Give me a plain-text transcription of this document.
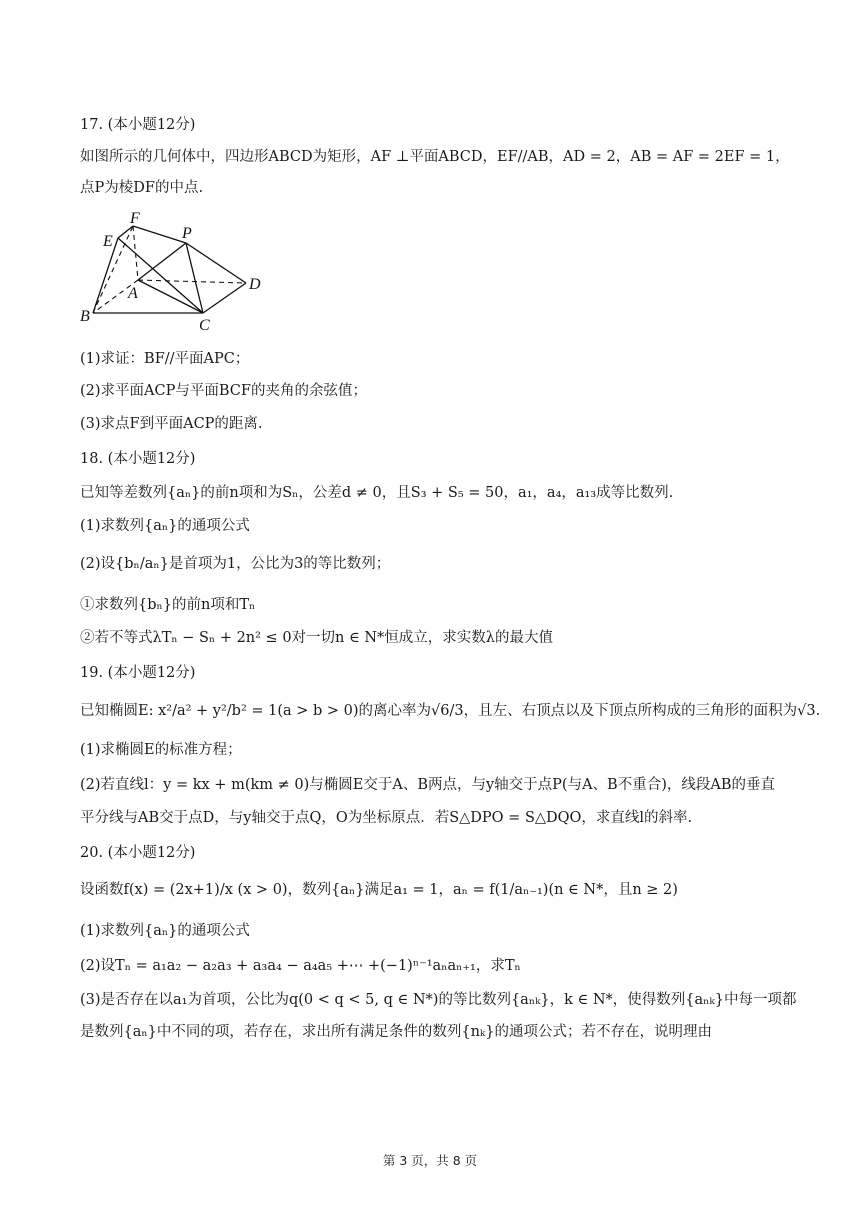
17. (本小题12分)
如图所示的几何体中，四边形ABCD为矩形，AF ⊥平面ABCD，EF//AB，AD = 2，AB = AF = 2EF = 1，
点P为棱DF的中点.
F
E	P
D
A
B
C
(1)求证：BF//平面APC；
(2)求平面ACP与平面BCF的夹角的余弦值；
(3)求点F到平面ACP的距离.
18. (本小题12分)
已知等差数列{aₙ}的前n项和为Sₙ，公差d ≠ 0，且S₃ + S₅ = 50，a₁，a₄，a₁₃成等比数列.
(1)求数列{aₙ}的通项公式
(2)设{bₙ/aₙ}是首项为1，公比为3的等比数列；
①求数列{bₙ}的前n项和Tₙ
②若不等式λTₙ − Sₙ + 2n² ≤ 0对一切n ∈ N*恒成立，求实数λ的最大值
19. (本小题12分)
已知椭圆E: x²/a² + y²/b² = 1(a > b > 0)的离心率为√6/3，且左、右顶点以及下顶点所构成的三角形的面积为√3.
(1)求椭圆E的标准方程；
(2)若直线l：y = kx + m(km ≠ 0)与椭圆E交于A、B两点，与y轴交于点P(与A、B不重合)，线段AB的垂直
平分线与AB交于点D，与y轴交于点Q，O为坐标原点．若S△DPO = S△DQO，求直线l的斜率.
20. (本小题12分)
设函数f(x) = (2x+1)/x (x > 0)，数列{aₙ}满足a₁ = 1，aₙ = f(1/aₙ₋₁)(n ∈ N*，且n ≥ 2)
(1)求数列{aₙ}的通项公式
(2)设Tₙ = a₁a₂ − a₂a₃ + a₃a₄ − a₄a₅ +⋯ +(−1)ⁿ⁻¹aₙaₙ₊₁，求Tₙ
(3)是否存在以a₁为首项，公比为q(0 < q < 5, q ∈ N*)的等比数列{aₙₖ}，k ∈ N*，使得数列{aₙₖ}中每一项都
是数列{aₙ}中不同的项，若存在，求出所有满足条件的数列{nₖ}的通项公式；若不存在，说明理由
第 3 页，共 8 页
